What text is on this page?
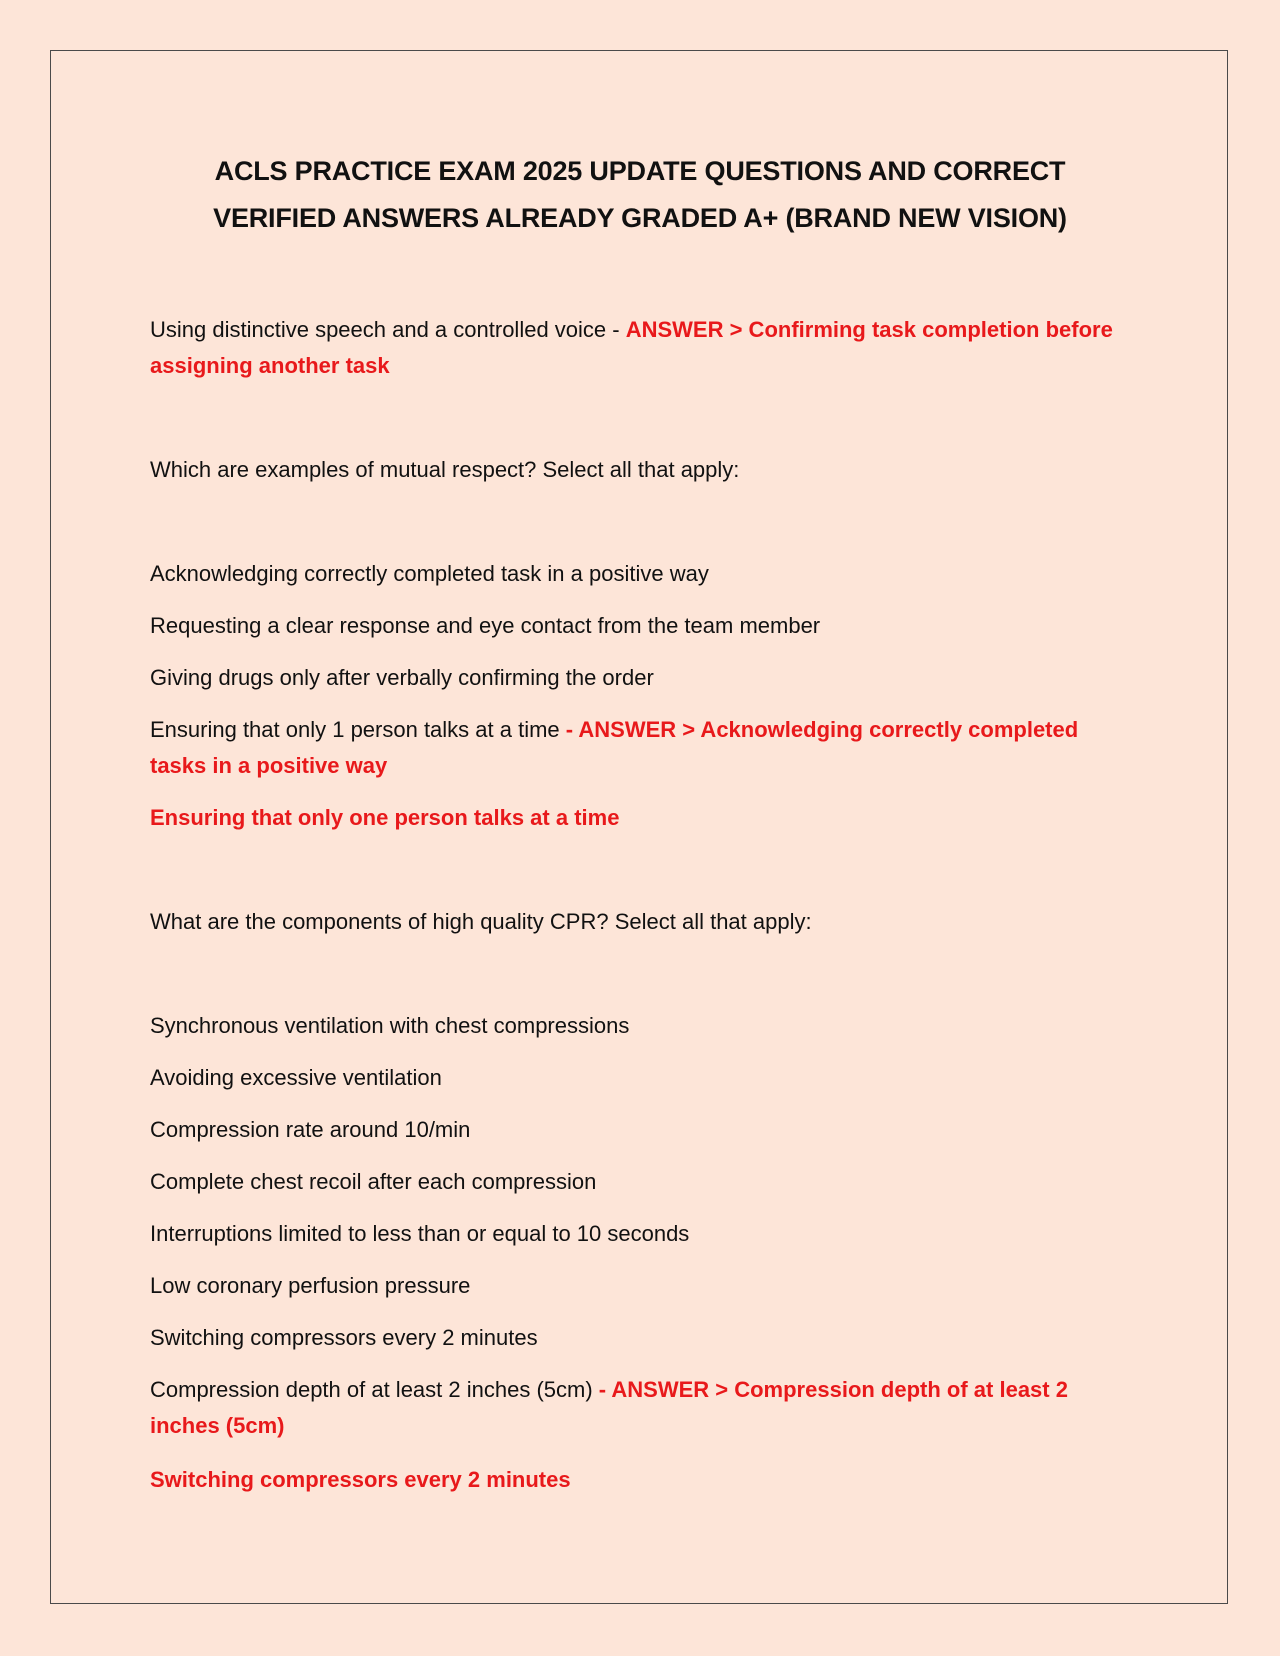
ACLS PRACTICE EXAM 2025 UPDATE QUESTIONS AND CORRECT VERIFIED ANSWERS ALREADY GRADED A+ (BRAND NEW VISION)

Using distinctive speech and a controlled voice - ANSWER > Confirming task completion before assigning another task

Which are examples of mutual respect? Select all that apply:

Acknowledging correctly completed task in a positive way

Requesting a clear response and eye contact from the team member

Giving drugs only after verbally confirming the order

Ensuring that only 1 person talks at a time - ANSWER > Acknowledging correctly completed tasks in a positive way

Ensuring that only one person talks at a time

What are the components of high quality CPR? Select all that apply:

Synchronous ventilation with chest compressions

Avoiding excessive ventilation

Compression rate around 10/min

Complete chest recoil after each compression

Interruptions limited to less than or equal to 10 seconds

Low coronary perfusion pressure

Switching compressors every 2 minutes

Compression depth of at least 2 inches (5cm) - ANSWER > Compression depth of at least 2 inches (5cm)

Switching compressors every 2 minutes
